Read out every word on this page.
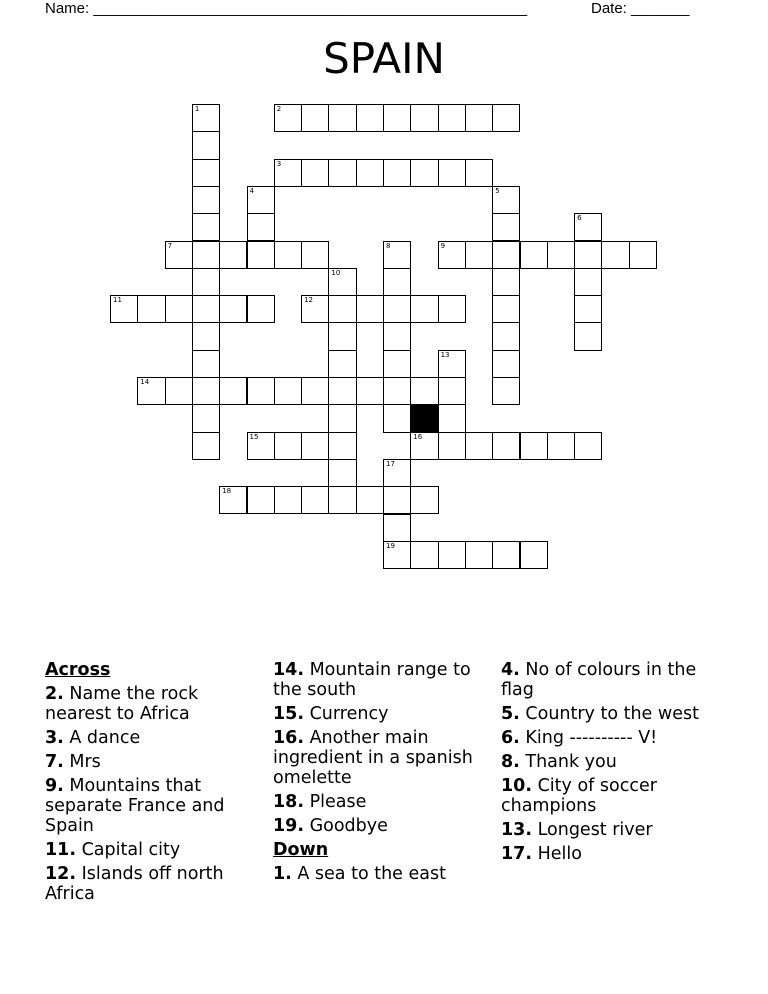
Name: ____________________________________________________	Date: _______
SPAIN
1	2
3
4	5
6
7	8	9
10
11	12
13
14
15	16
17
18
19
Across
2. Name the rock nearest to Africa
3. A dance
7. Mrs
9. Mountains that separate France and Spain
11. Capital city
12. Islands off north Africa
14. Mountain range to the south
15. Currency
16. Another main ingredient in a spanish omelette
18. Please
19. Goodbye
Down
1. A sea to the east
4. No of colours in the flag
5. Country to the west
6. King ---------- V!
8. Thank you
10. City of soccer champions
13. Longest river
17. Hello
